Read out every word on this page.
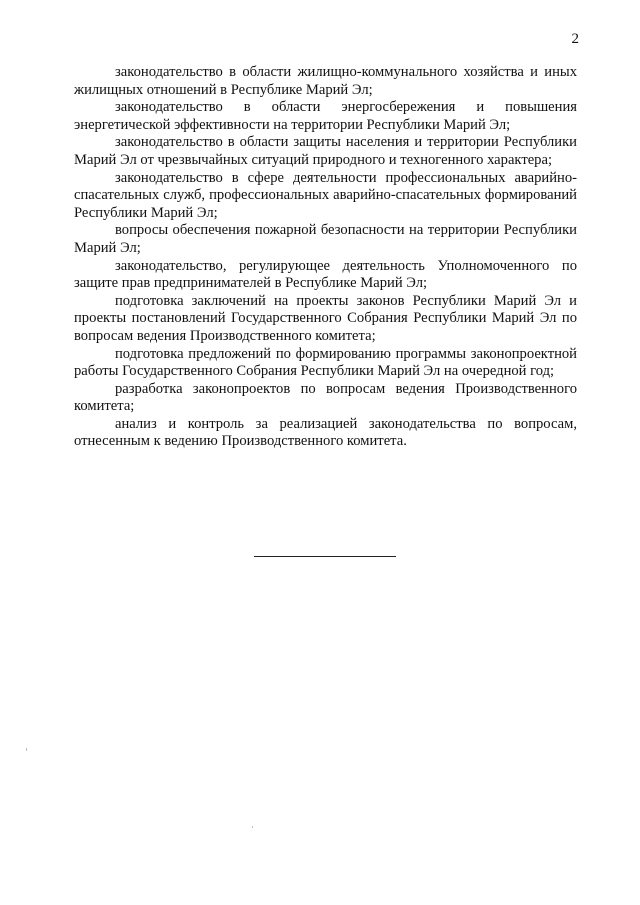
2

законодательство в области жилищно-коммунального хозяйства и иных жилищных отношений в Республике Марий Эл;

законодательство в области энергосбережения и повышения энергетической эффективности на территории Республики Марий Эл;

законодательство в области защиты населения и территории Республики Марий Эл от чрезвычайных ситуаций природного и техногенного характера;

законодательство в сфере деятельности профессиональных аварийно-спасательных служб, профессиональных аварийно-спасательных формирований Республики Марий Эл;

вопросы обеспечения пожарной безопасности на территории Республики Марий Эл;

законодательство, регулирующее деятельность Уполномоченного по защите прав предпринимателей в Республике Марий Эл;

подготовка заключений на проекты законов Республики Марий Эл и проекты постановлений Государственного Собрания Республики Марий Эл по вопросам ведения Производственного комитета;

подготовка предложений по формированию программы законопроектной работы Государственного Собрания Республики Марий Эл на очередной год;

разработка законопроектов по вопросам ведения Производственного комитета;

анализ и контроль за реализацией законодательства по вопросам, отнесенным к ведению Производственного комитета.
